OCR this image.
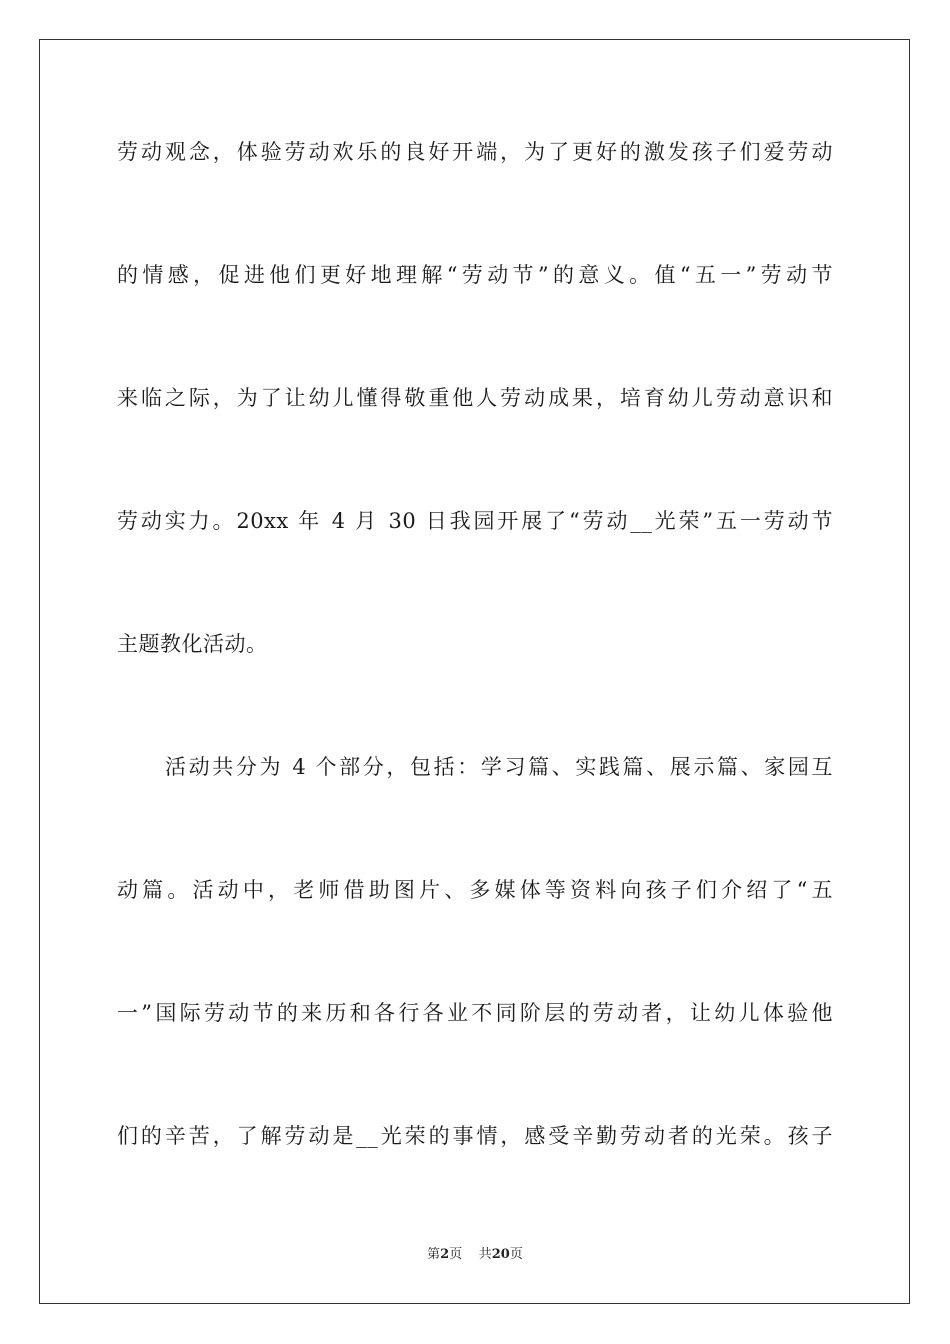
劳动观念，体验劳动欢乐的良好开端，为了更好的激发孩子们爱劳动
的情感，促进他们更好地理解“劳动节”的意义。值“五一”劳动节
来临之际，为了让幼儿懂得敬重他人劳动成果，培育幼儿劳动意识和
劳动实力。20xx 年 4 月 30 日我园开展了“劳动__光荣”五一劳动节
主题教化活动。
活动共分为 4 个部分，包括：学习篇、实践篇、展示篇、家园互
动篇。活动中，老师借助图片、多媒体等资料向孩子们介绍了“五
一”国际劳动节的来历和各行各业不同阶层的劳动者，让幼儿体验他
们的辛苦，了解劳动是__光荣的事情，感受辛勤劳动者的光荣。孩子
第2页 共20页
